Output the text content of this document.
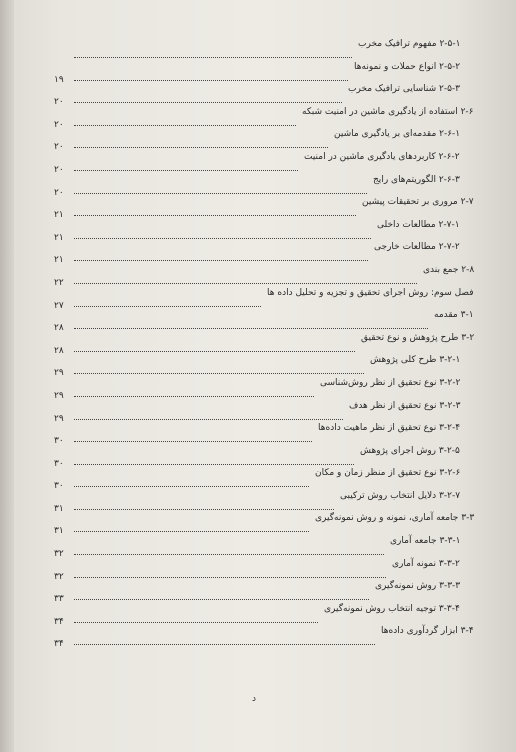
۲-۵-۱ مفهوم ترافیک مخرب
۲-۵-۲ انواع حملات و نمونه‌ها
۱۹
۲-۵-۳ شناسایی ترافیک مخرب
۲۰
۲-۶ استفاده از یادگیری ماشین در امنیت شبکه
۲۰
۲-۶-۱ مقدمه‌ای بر یادگیری ماشین
۲۰
۲-۶-۲ کاربردهای یادگیری ماشین در امنیت
۲۰
۲-۶-۳ الگوریتم‌های رایج
۲۰
۲-۷ مروری بر تحقیقات پیشین
۲۱
۲-۷-۱ مطالعات داخلی
۲۱
۲-۷-۲ مطالعات خارجی
۲۱
۲-۸ جمع بندی
۲۲
فصل سوم: روش اجرای تحقیق و تجزیه و تحلیل داده ها
۲۷
۳-۱ مقدمه
۲۸
۳-۲ طرح پژوهش و نوع تحقیق
۲۸
۳-۲-۱ طرح کلی پژوهش
۲۹
۳-۲-۲ نوع تحقیق از نظر روش‌شناسی
۲۹
۳-۲-۳ نوع تحقیق از نظر هدف
۲۹
۳-۲-۴ نوع تحقیق از نظر ماهیت داده‌ها
۳۰
۳-۲-۵ روش اجرای پژوهش
۳۰
۳-۲-۶ نوع تحقیق از منظر زمان و مکان
۳۰
۳-۲-۷ دلایل انتخاب روش ترکیبی
۳۱
۳-۳ جامعه آماری، نمونه و روش نمونه‌گیری
۳۱
۳-۳-۱ جامعه آماری
۳۲
۳-۳-۲ نمونه آماری
۳۲
۳-۳-۳ روش نمونه‌گیری
۳۳
۳-۳-۴ توجیه انتخاب روش نمونه‌گیری
۳۴
۳-۴ ابزار گردآوری داده‌ها
۳۴
د
